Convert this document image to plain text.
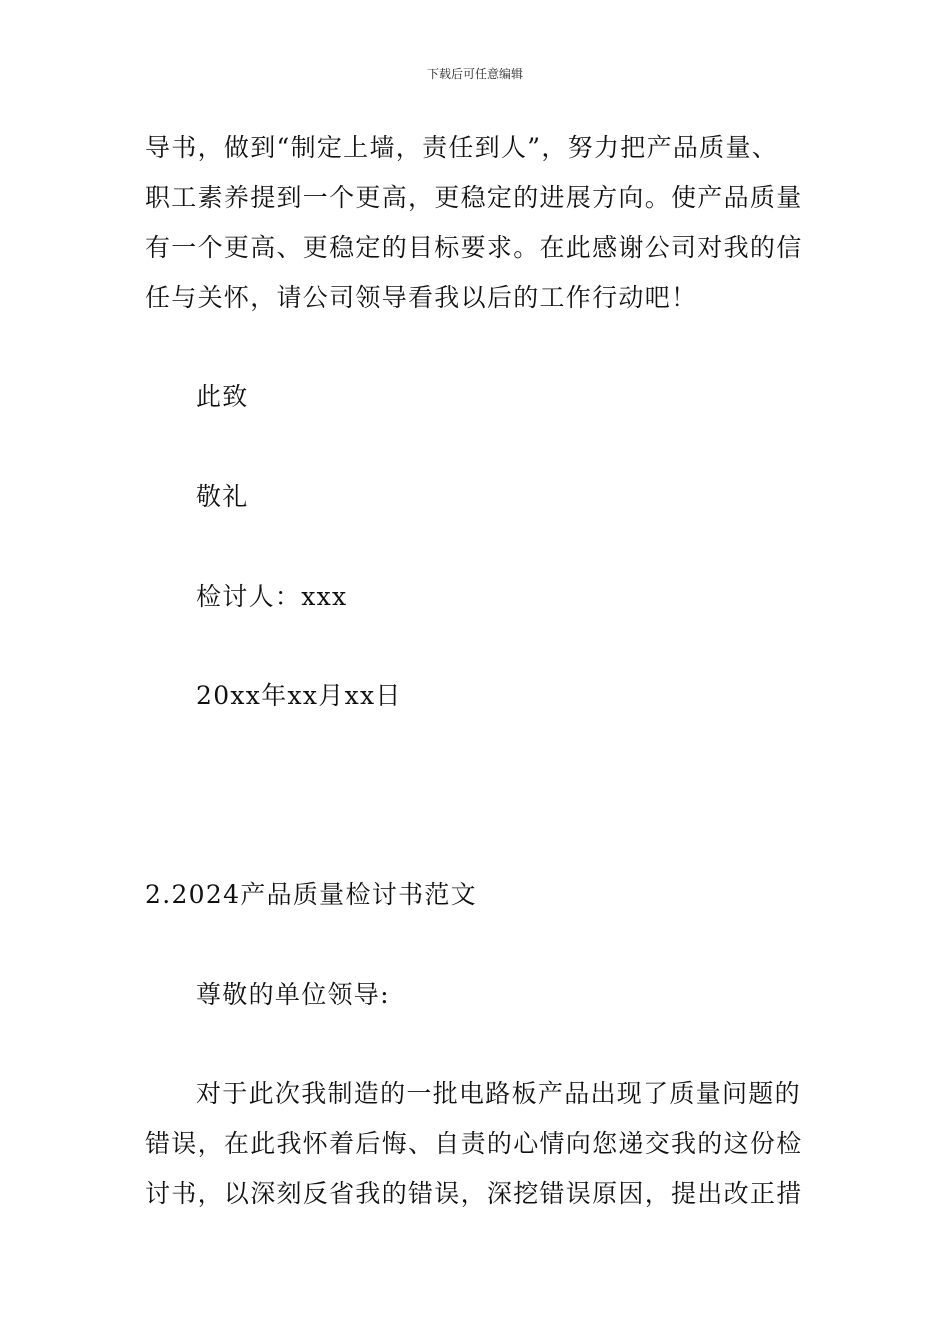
下载后可任意编辑
导书，做到“制定上墙，责任到人”，努力把产品质量、
职工素养提到一个更高，更稳定的进展方向。使产品质量
有一个更高、更稳定的目标要求。在此感谢公司对我的信
任与关怀，请公司领导看我以后的工作行动吧！
此致
敬礼
检讨人：xxx
20xx年xx月xx日
2.2024产品质量检讨书范文
尊敬的单位领导:
对于此次我制造的一批电路板产品出现了质量问题的
错误，在此我怀着后悔、自责的心情向您递交我的这份检
讨书，以深刻反省我的错误，深挖错误原因，提出改正措
